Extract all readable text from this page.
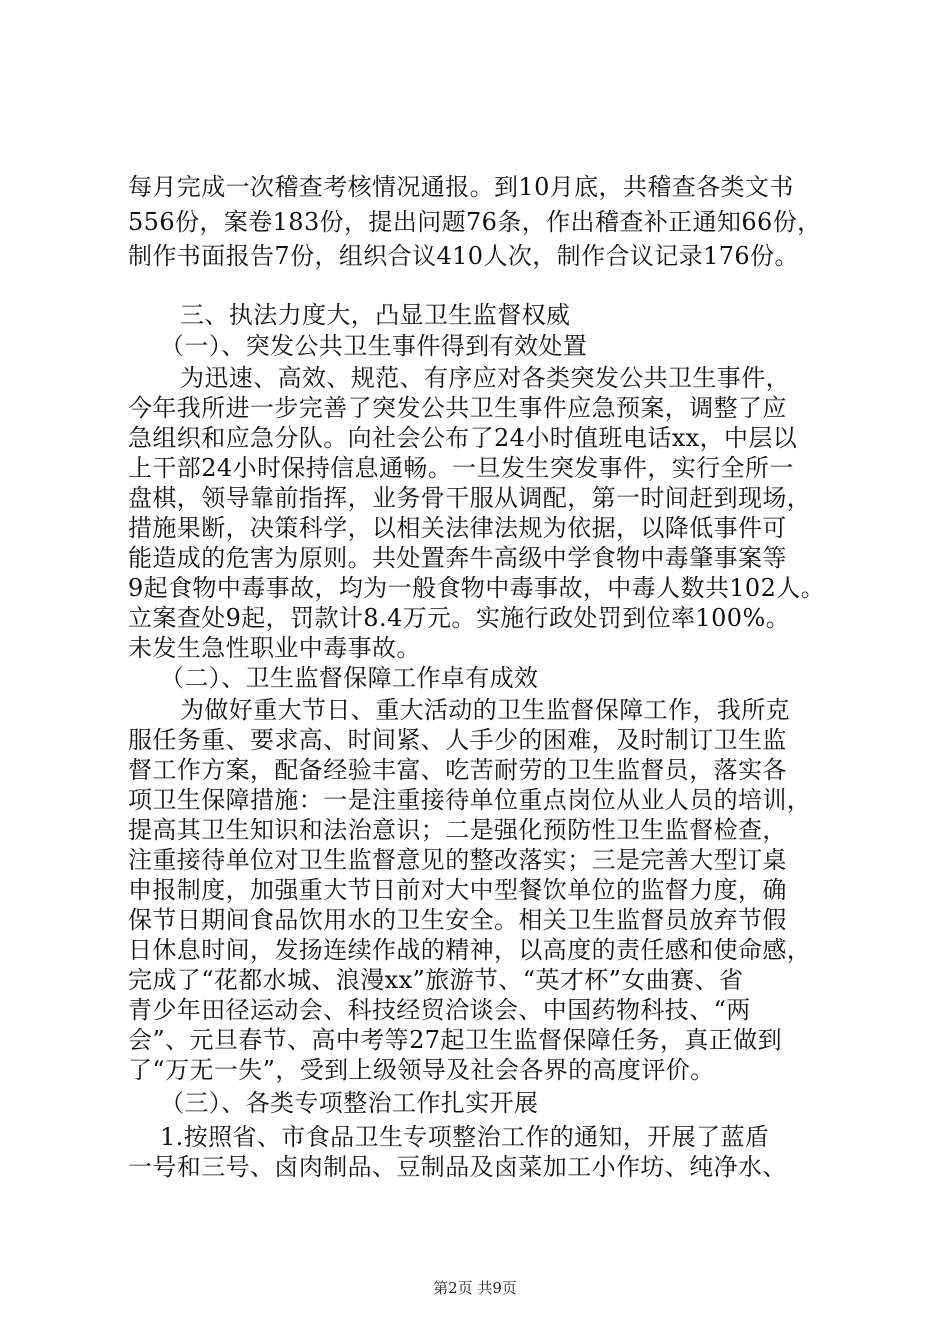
每月完成一次稽查考核情况通报。到10月底，共稽查各类文书
556份，案卷183份，提出问题76条，作出稽查补正通知66份，
制作书面报告7份，组织合议410人次，制作合议记录176份。
三、执法力度大，凸显卫生监督权威
（一）、突发公共卫生事件得到有效处置
为迅速、高效、规范、有序应对各类突发公共卫生事件，
今年我所进一步完善了突发公共卫生事件应急预案，调整了应
急组织和应急分队。向社会公布了24小时值班电话xx，中层以
上干部24小时保持信息通畅。一旦发生突发事件，实行全所一
盘棋，领导靠前指挥，业务骨干服从调配，第一时间赶到现场，
措施果断，决策科学，以相关法律法规为依据，以降低事件可
能造成的危害为原则。共处置奔牛高级中学食物中毒肇事案等
9起食物中毒事故，均为一般食物中毒事故，中毒人数共102人。
立案查处9起，罚款计8.4万元。实施行政处罚到位率100%。
未发生急性职业中毒事故。
（二）、卫生监督保障工作卓有成效
为做好重大节日、重大活动的卫生监督保障工作，我所克
服任务重、要求高、时间紧、人手少的困难，及时制订卫生监
督工作方案，配备经验丰富、吃苦耐劳的卫生监督员，落实各
项卫生保障措施：一是注重接待单位重点岗位从业人员的培训，
提高其卫生知识和法治意识；二是强化预防性卫生监督检查，
注重接待单位对卫生监督意见的整改落实；三是完善大型订桌
申报制度，加强重大节日前对大中型餐饮单位的监督力度，确
保节日期间食品饮用水的卫生安全。相关卫生监督员放弃节假
日休息时间，发扬连续作战的精神，以高度的责任感和使命感，
完成了“花都水城、浪漫xx”旅游节、“英才杯”女曲赛、省
青少年田径运动会、科技经贸洽谈会、中国药物科技、“两
会”、元旦春节、高中考等27起卫生监督保障任务，真正做到
了“万无一失”，受到上级领导及社会各界的高度评价。
（三）、各类专项整治工作扎实开展
1.按照省、市食品卫生专项整治工作的通知，开展了蓝盾
一号和三号、卤肉制品、豆制品及卤菜加工小作坊、纯净水、
第2页 共9页
